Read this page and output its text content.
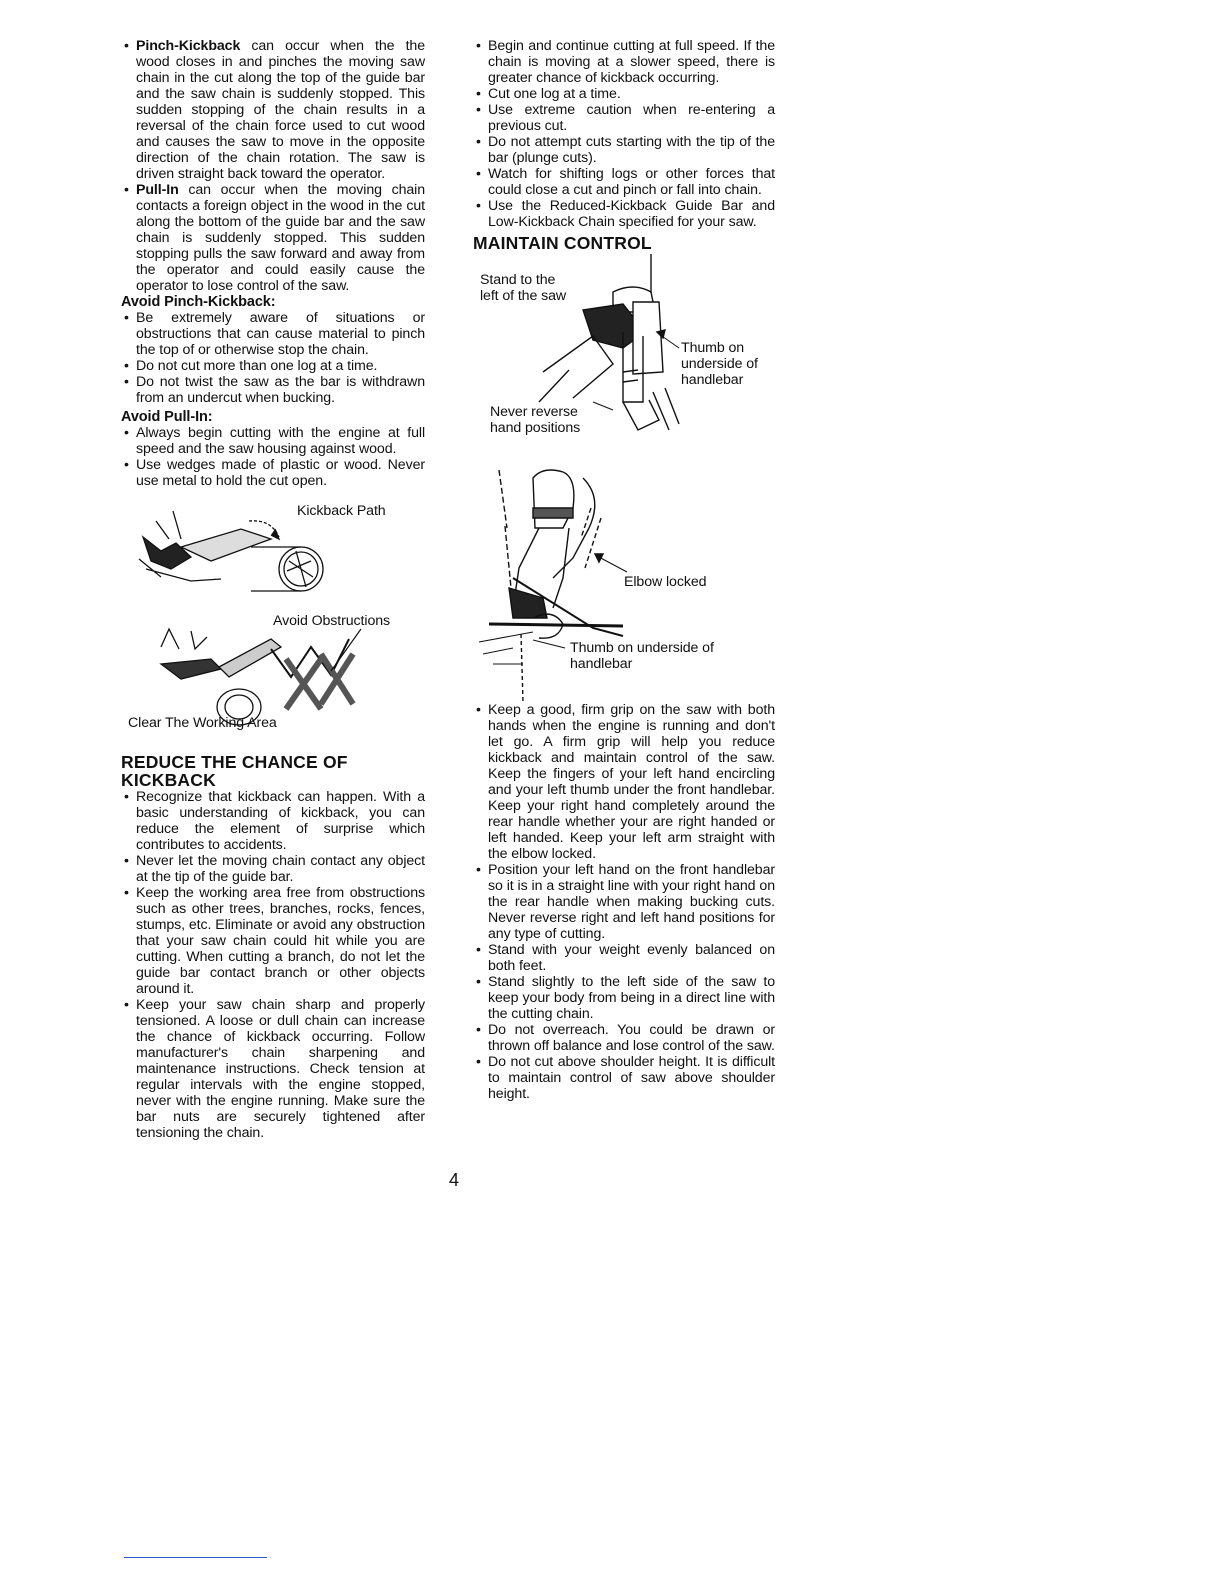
• Pinch-Kickback can occur when the the wood closes in and pinches the moving saw chain in the cut along the top of the guide bar and the saw chain is suddenly stopped. This sudden stopping of the chain results in a reversal of the chain force used to cut wood and causes the saw to move in the opposite direction of the chain rotation. The saw is driven straight back toward the operator.
• Pull-In can occur when the moving chain contacts a foreign object in the wood in the cut along the bottom of the guide bar and the saw chain is suddenly stopped. This sudden stopping pulls the saw forward and away from the operator and could easily cause the operator to lose control of the saw.

Avoid Pinch-Kickback:

• Be extremely aware of situations or obstructions that can cause material to pinch the top of or otherwise stop the chain.
• Do not cut more than one log at a time.
• Do not twist the saw as the bar is withdrawn from an undercut when bucking.

Avoid Pull-In:

• Always begin cutting with the engine at full speed and the saw housing against wood.
• Use wedges made of plastic or wood. Never use metal to hold the cut open.
Kickback Path
Avoid Obstructions
Clear The Working Area

REDUCE THE CHANCE OF

KICKBACK

• Recognize that kickback can happen. With a basic understanding of kickback, you can reduce the element of surprise which contributes to accidents.
• Never let the moving chain contact any object at the tip of the guide bar.
• Keep the working area free from obstructions such as other trees, branches, rocks, fences, stumps, etc. Eliminate or avoid any obstruction that your saw chain could hit while you are cutting. When cutting a branch, do not let the guide bar contact branch or other objects around it.
• Keep your saw chain sharp and properly tensioned. A loose or dull chain can increase the chance of kickback occurring. Follow manufacturer's chain sharpening and maintenance instructions. Check tension at regular intervals with the engine stopped, never with the engine running. Make sure the bar nuts are securely tightened after tensioning the chain.
• Begin and continue cutting at full speed. If the chain is moving at a slower speed, there is greater chance of kickback occurring.
• Cut one log at a time.
• Use extreme caution when re-entering a previous cut.
• Do not attempt cuts starting with the tip of the bar (plunge cuts).
• Watch for shifting logs or other forces that could close a cut and pinch or fall into chain.
• Use the Reduced-Kickback Guide Bar and Low-Kickback Chain specified for your saw.

MAINTAIN CONTROL

Stand to the
left of the saw
Thumb on
underside of
handlebar
Never reverse
hand positions
Elbow locked
Thumb on underside of
handlebar
• Keep a good, firm grip on the saw with both hands when the engine is running and don't let go. A firm grip will help you reduce kickback and maintain control of the saw. Keep the fingers of your left hand encircling and your left thumb under the front handlebar. Keep your right hand completely around the rear handle whether your are right handed or left handed. Keep your left arm straight with the elbow locked.
• Position your left hand on the front handlebar so it is in a straight line with your right hand on the rear handle when making bucking cuts. Never reverse right and left hand positions for any type of cutting.
• Stand with your weight evenly balanced on both feet.
• Stand slightly to the left side of the saw to keep your body from being in a direct line with the cutting chain.
• Do not overreach. You could be drawn or thrown off balance and lose control of the saw.
• Do not cut above shoulder height. It is difficult to maintain control of saw above shoulder height.
4
